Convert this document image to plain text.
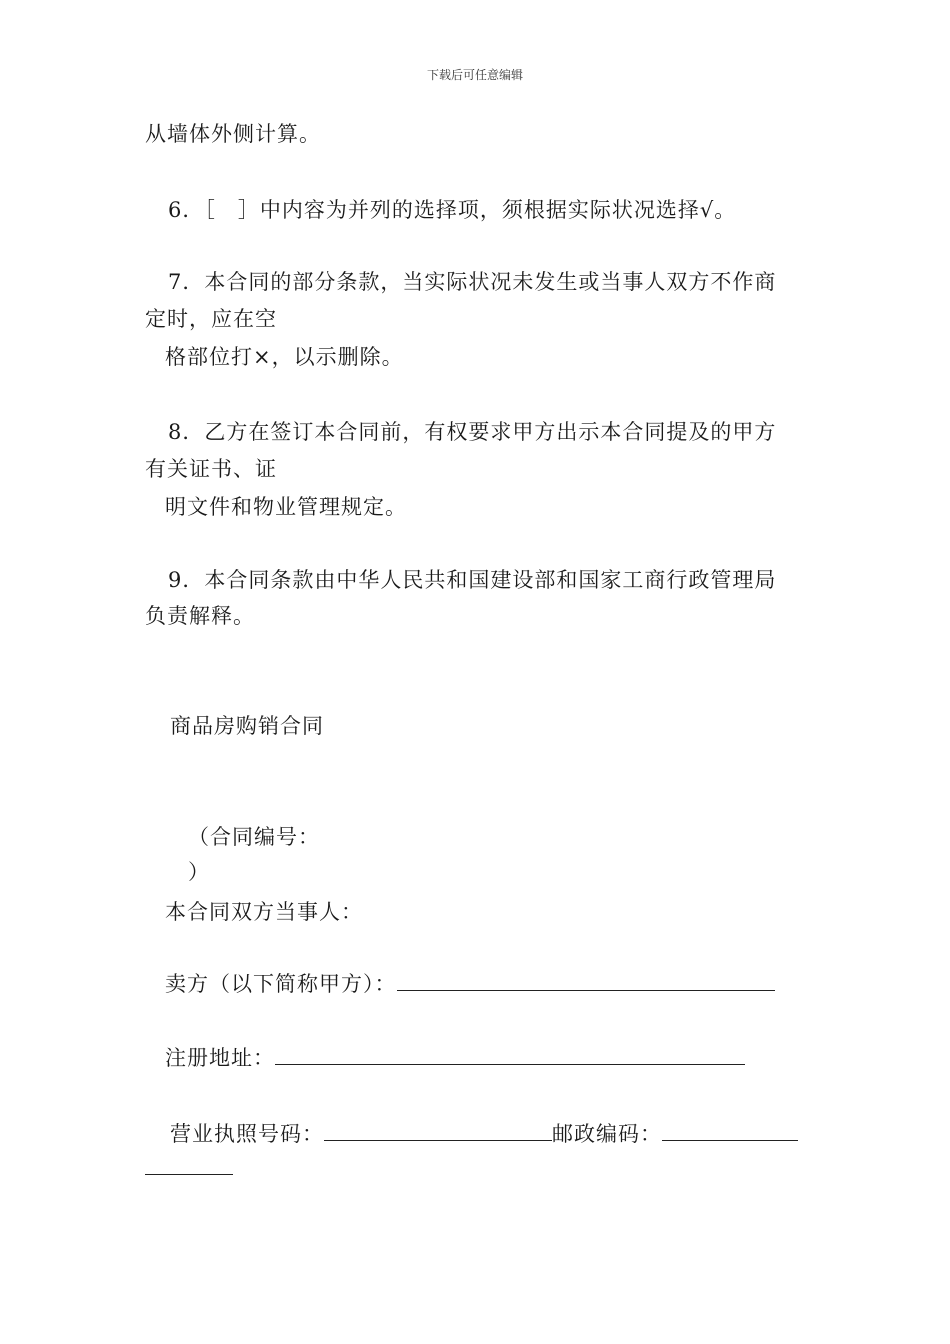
下载后可任意编辑
从墙体外侧计算。
6．［　］中内容为并列的选择项，须根据实际状况选择√。
7．本合同的部分条款，当实际状况未发生或当事人双方不作商
定时，应在空
格部位打×，以示删除。
8．乙方在签订本合同前，有权要求甲方出示本合同提及的甲方
有关证书、证
明文件和物业管理规定。
9．本合同条款由中华人民共和国建设部和国家工商行政管理局
负责解释。
商品房购销合同
（合同编号：
）
本合同双方当事人：
卖方（以下简称甲方）：
注册地址：
营业执照号码：	邮政编码：
